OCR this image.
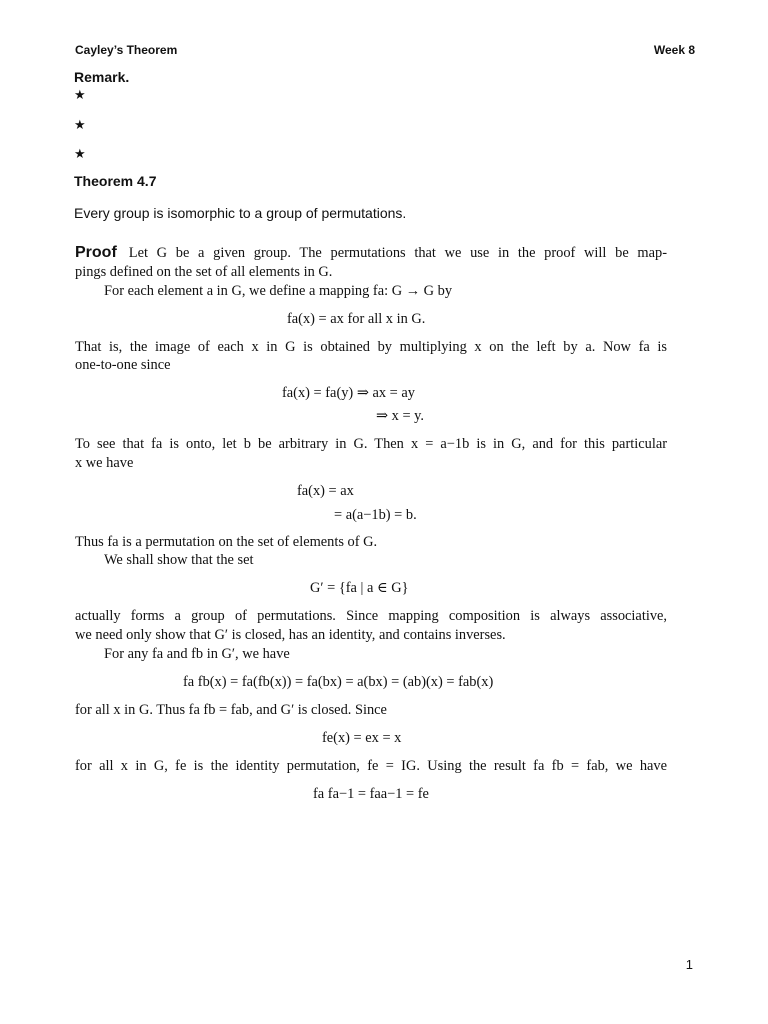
Cayley’s Theorem	Week 8
Remark.
★
★
★
Theorem 4.7
Every group is isomorphic to a group of permutations.
Proof Let G be a given group. The permutations that we use in the proof will be map-
pings defined on the set of all elements in G.
For each element a in G, we define a mapping fa: G → G by
fa(x) = ax for all x in G.
That is, the image of each x in G is obtained by multiplying x on the left by a. Now fa is
one-to-one since
fa(x) = fa(y) ⇒ ax = ay
⇒ x = y.
To see that fa is onto, let b be arbitrary in G. Then x = a−1b is in G, and for this particular
x we have
fa(x) = ax
= a(a−1b) = b.
Thus fa is a permutation on the set of elements of G.
We shall show that the set
G′ = {fa | a ∈ G}
actually forms a group of permutations. Since mapping composition is always associative,
we need only show that G′ is closed, has an identity, and contains inverses.
For any fa and fb in G′, we have
fa fb(x) = fa(fb(x)) = fa(bx) = a(bx) = (ab)(x) = fab(x)
for all x in G. Thus fa fb = fab, and G′ is closed. Since
fe(x) = ex = x
for all x in G, fe is the identity permutation, fe = IG. Using the result fa fb = fab, we have
fa fa−1 = faa−1 = fe
1
